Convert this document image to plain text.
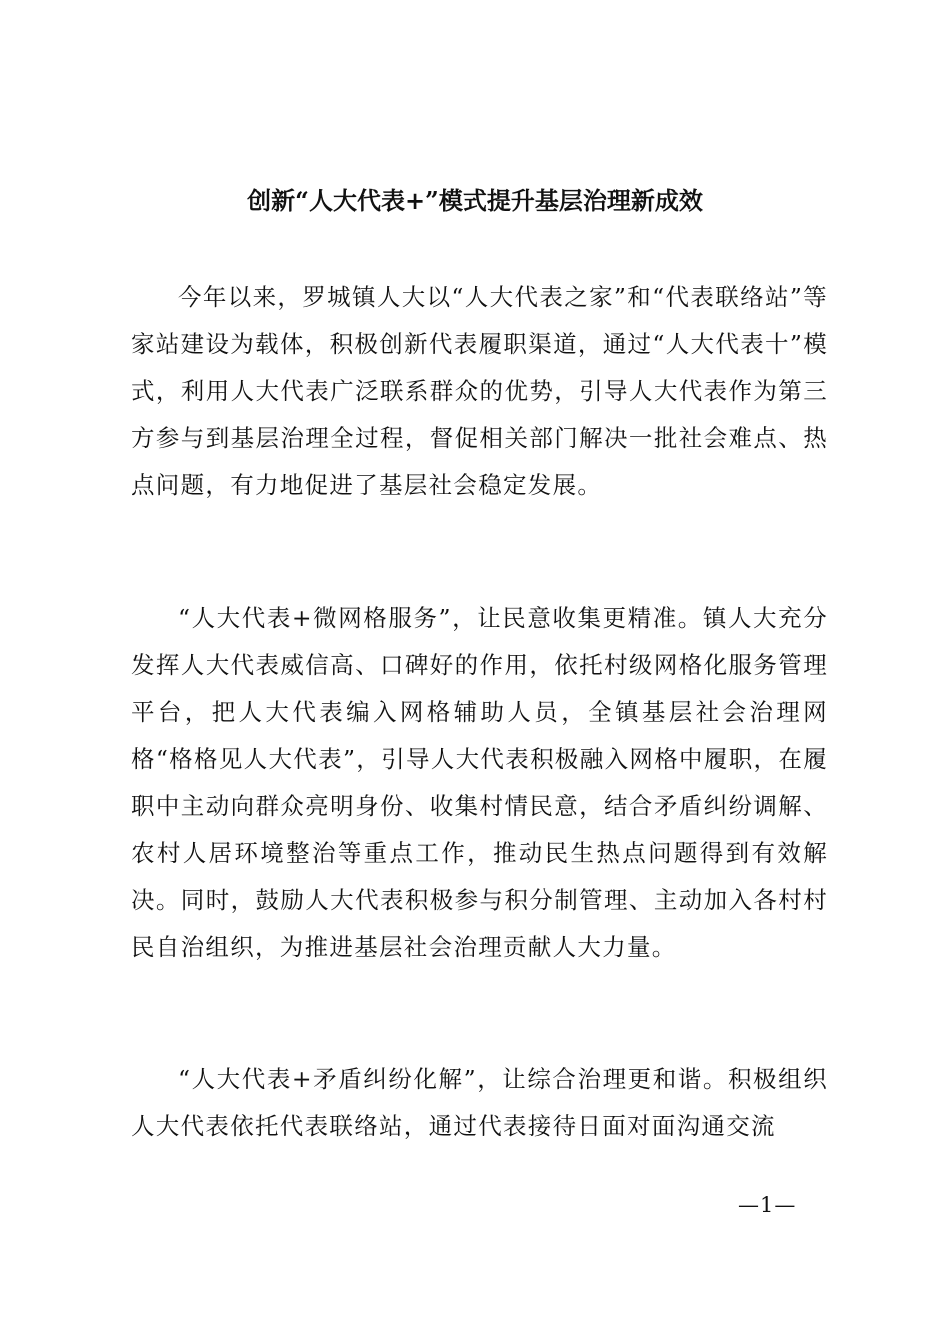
创新“人大代表+”模式提升基层治理新成效

今年以来，罗城镇人大以“人大代表之家”和“代表联络站”等家站建设为载体，积极创新代表履职渠道，通过“人大代表十”模式，利用人大代表广泛联系群众的优势，引导人大代表作为第三方参与到基层治理全过程，督促相关部门解决一批社会难点、热点问题，有力地促进了基层社会稳定发展。

“人大代表+微网格服务”，让民意收集更精准。镇人大充分发挥人大代表威信高、口碑好的作用，依托村级网格化服务管理平台，把人大代表编入网格辅助人员，全镇基层社会治理网格“格格见人大代表”，引导人大代表积极融入网格中履职，在履职中主动向群众亮明身份、收集村情民意，结合矛盾纠纷调解、农村人居环境整治等重点工作，推动民生热点问题得到有效解决。同时，鼓励人大代表积极参与积分制管理、主动加入各村村民自治组织，为推进基层社会治理贡献人大力量。

“人大代表+矛盾纠纷化解”，让综合治理更和谐。积极组织人大代表依托代表联络站，通过代表接待日面对面沟通交流

—1—
